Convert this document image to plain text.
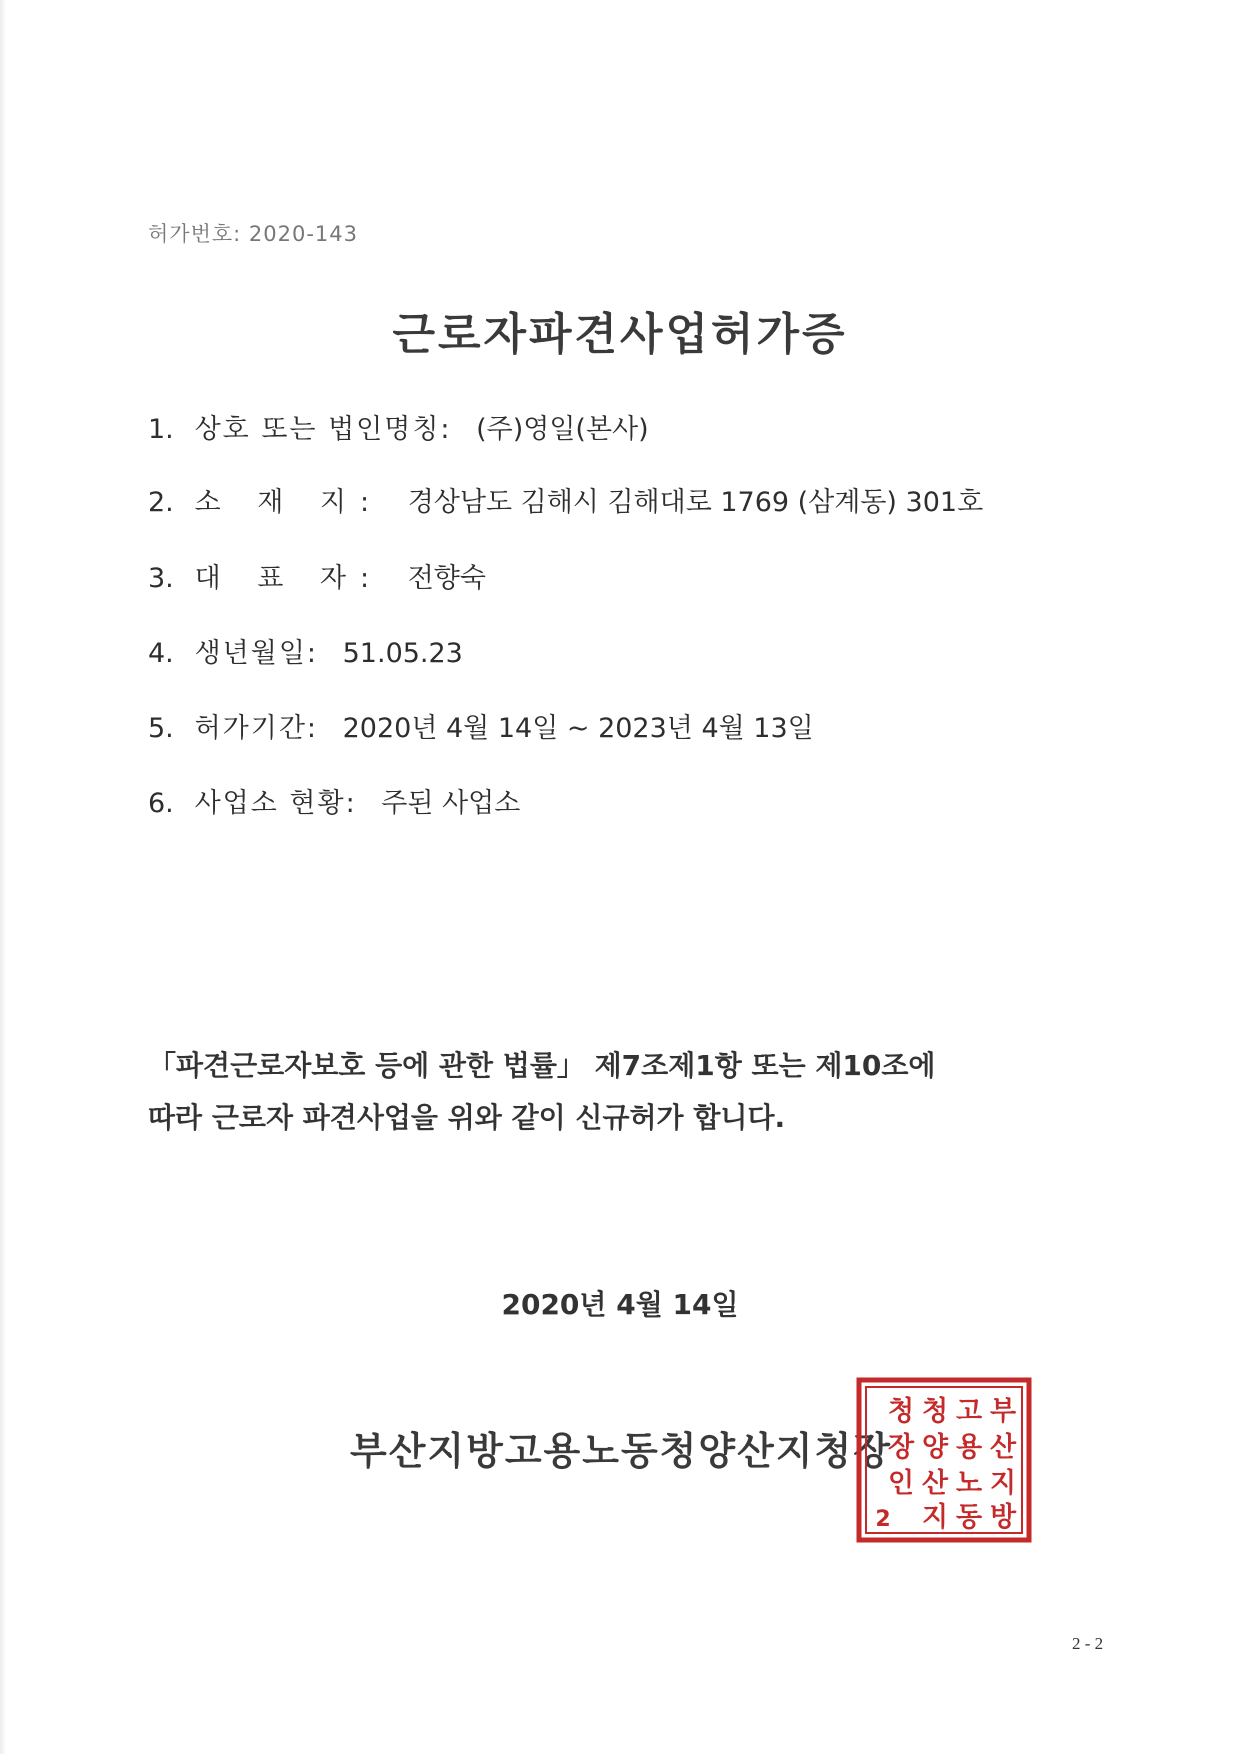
허가번호: 2020-143
근로자파견사업허가증
1. 상호 또는 법인명칭: (주)영일(본사)
2. 소 재 지: 경상남도 김해시 김해대로 1769 (삼계동) 301호
3. 대 표 자: 전향숙
4. 생년월일: 51.05.23
5. 허가기간: 2020년 4월 14일 ~ 2023년 4월 13일
6. 사업소 현황: 주된 사업소
「파견근로자보호 등에 관한 법률」 제7조제1항 또는 제10조에
따라 근로자 파견사업을 위와 같이 신규허가 합니다.
2020년 4월 14일
부산지방고용노동청양산지청장
부
산
지
방
고
용
노
동
청
양
산
지
청
장
인
2
2 - 2
